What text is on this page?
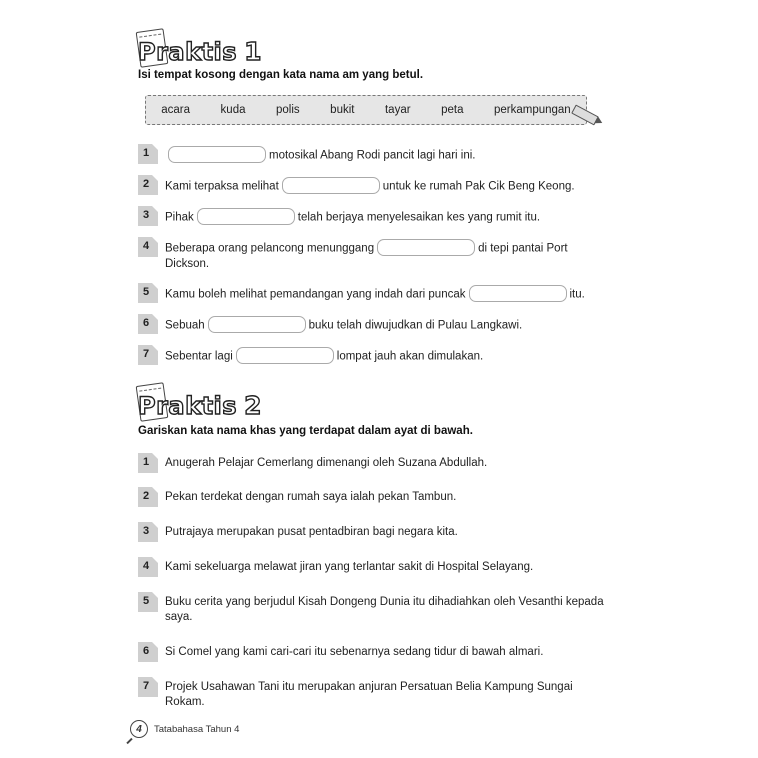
Praktis 1
Isi tempat kosong dengan kata nama am yang betul.
acara	kuda	polis	bukit	tayar	peta	perkampungan
1	motosikal Abang Rodi pancit lagi hari ini.
2	Kami terpaksa melihat	untuk ke rumah Pak Cik Beng Keong.
3	Pihak	telah berjaya menyelesaikan kes yang rumit itu.
4	Beberapa orang pelancong menunggang	di tepi pantai Port Dickson.
5	Kamu boleh melihat pemandangan yang indah dari puncak	itu.
6	Sebuah	buku telah diwujudkan di Pulau Langkawi.
7	Sebentar lagi	lompat jauh akan dimulakan.
Praktis 2
Gariskan kata nama khas yang terdapat dalam ayat di bawah.
1	Anugerah Pelajar Cemerlang dimenangi oleh Suzana Abdullah.
2	Pekan terdekat dengan rumah saya ialah pekan Tambun.
3	Putrajaya merupakan pusat pentadbiran bagi negara kita.
4	Kami sekeluarga melawat jiran yang terlantar sakit di Hospital Selayang.
5	Buku cerita yang berjudul Kisah Dongeng Dunia itu dihadiahkan oleh Vesanthi kepada saya.
6	Si Comel yang kami cari-cari itu sebenarnya sedang tidur di bawah almari.
7	Projek Usahawan Tani itu merupakan anjuran Persatuan Belia Kampung Sungai Rokam.
4 Tatabahasa Tahun 4
